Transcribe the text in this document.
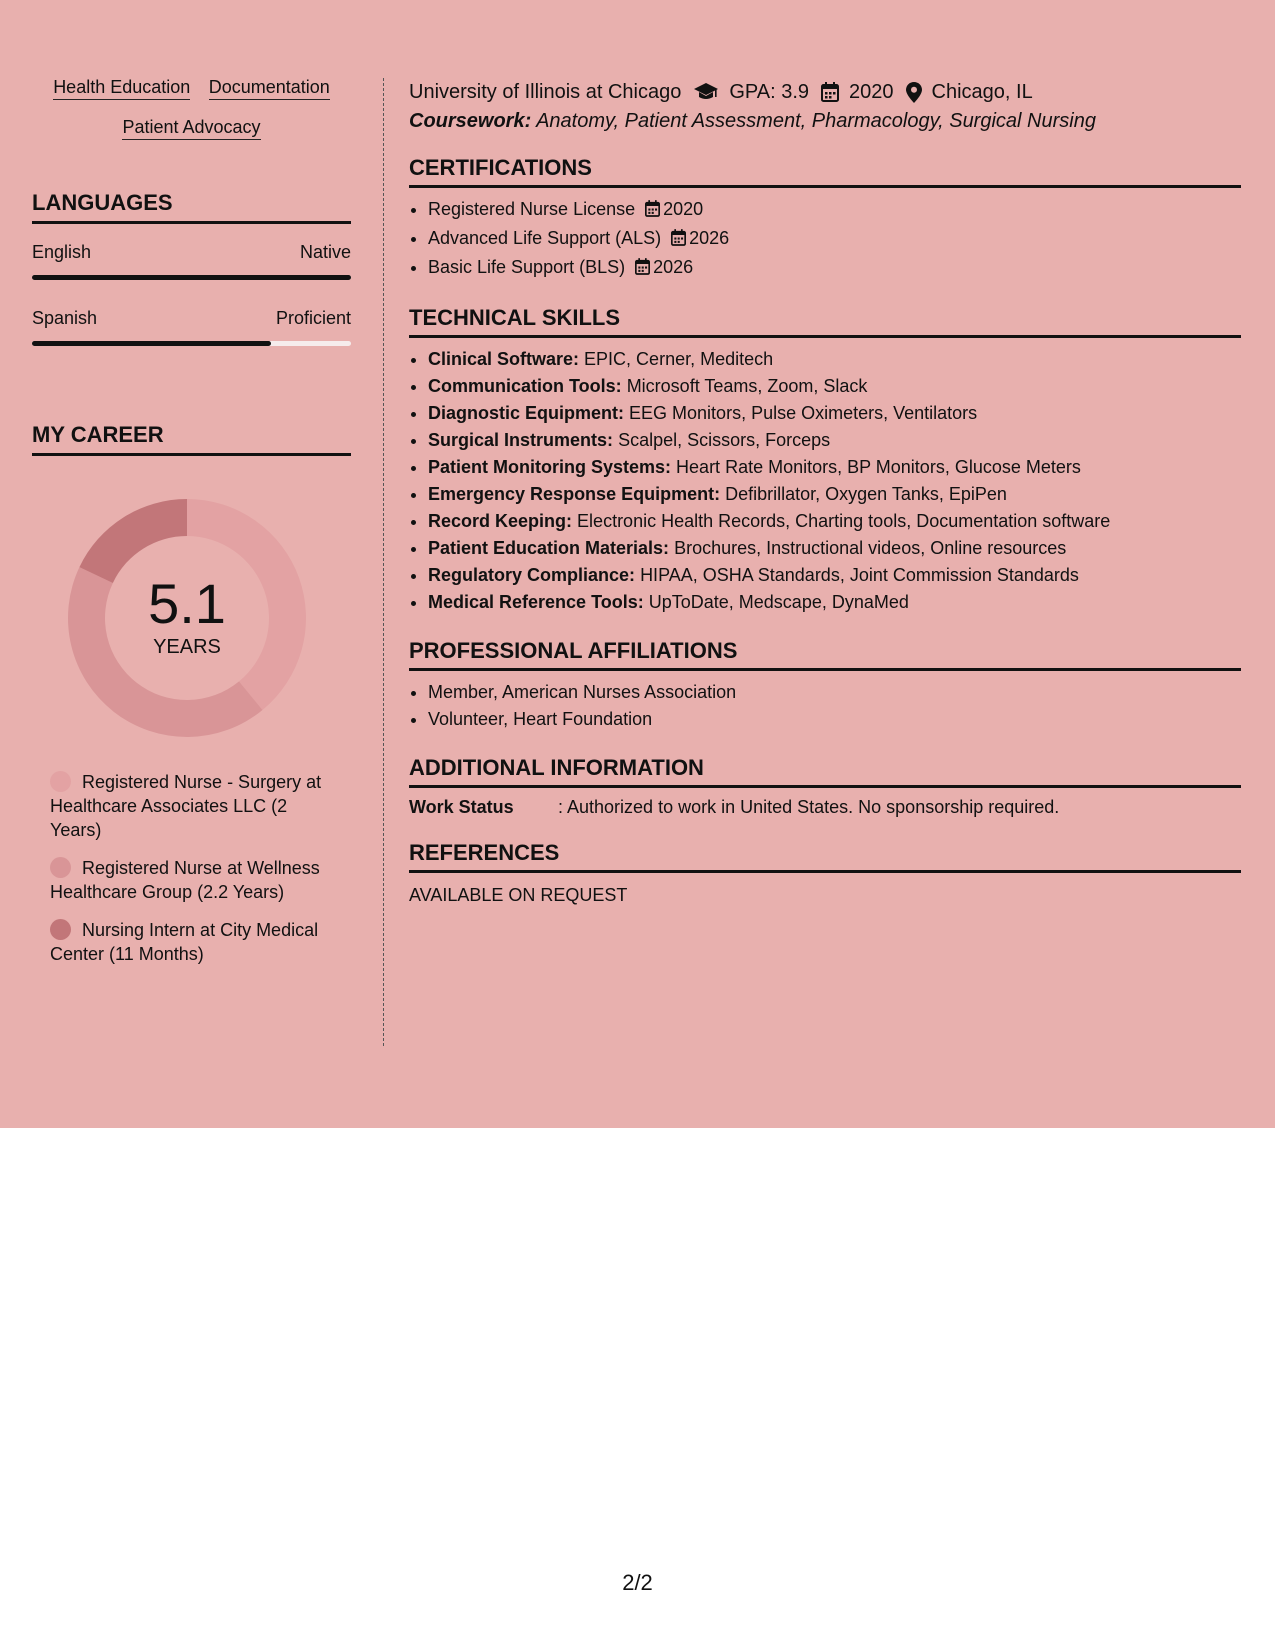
Health Education Documentation
Patient Advocacy
LANGUAGES
English	Native
Spanish	Proficient
MY CAREER
5.1
YEARS
Registered Nurse - Surgery at Healthcare Associates LLC (2 Years)
Registered Nurse at Wellness Healthcare Group (2.2 Years)
Nursing Intern at City Medical Center (11 Months)
University of Illinois at Chicago GPA: 3.9 2020 Chicago, IL
Coursework: Anatomy, Patient Assessment, Pharmacology, Surgical Nursing
CERTIFICATIONS
• Registered Nurse License 2020
• Advanced Life Support (ALS) 2026
• Basic Life Support (BLS) 2026
TECHNICAL SKILLS
• Clinical Software: EPIC, Cerner, Meditech
• Communication Tools: Microsoft Teams, Zoom, Slack
• Diagnostic Equipment: EEG Monitors, Pulse Oximeters, Ventilators
• Surgical Instruments: Scalpel, Scissors, Forceps
• Patient Monitoring Systems: Heart Rate Monitors, BP Monitors, Glucose Meters
• Emergency Response Equipment: Defibrillator, Oxygen Tanks, EpiPen
• Record Keeping: Electronic Health Records, Charting tools, Documentation software
• Patient Education Materials: Brochures, Instructional videos, Online resources
• Regulatory Compliance: HIPAA, OSHA Standards, Joint Commission Standards
• Medical Reference Tools: UpToDate, Medscape, DynaMed
PROFESSIONAL AFFILIATIONS
• Member, American Nurses Association
• Volunteer, Heart Foundation
ADDITIONAL INFORMATION
Work Status : Authorized to work in United States. No sponsorship required.
REFERENCES
AVAILABLE ON REQUEST
2/2
